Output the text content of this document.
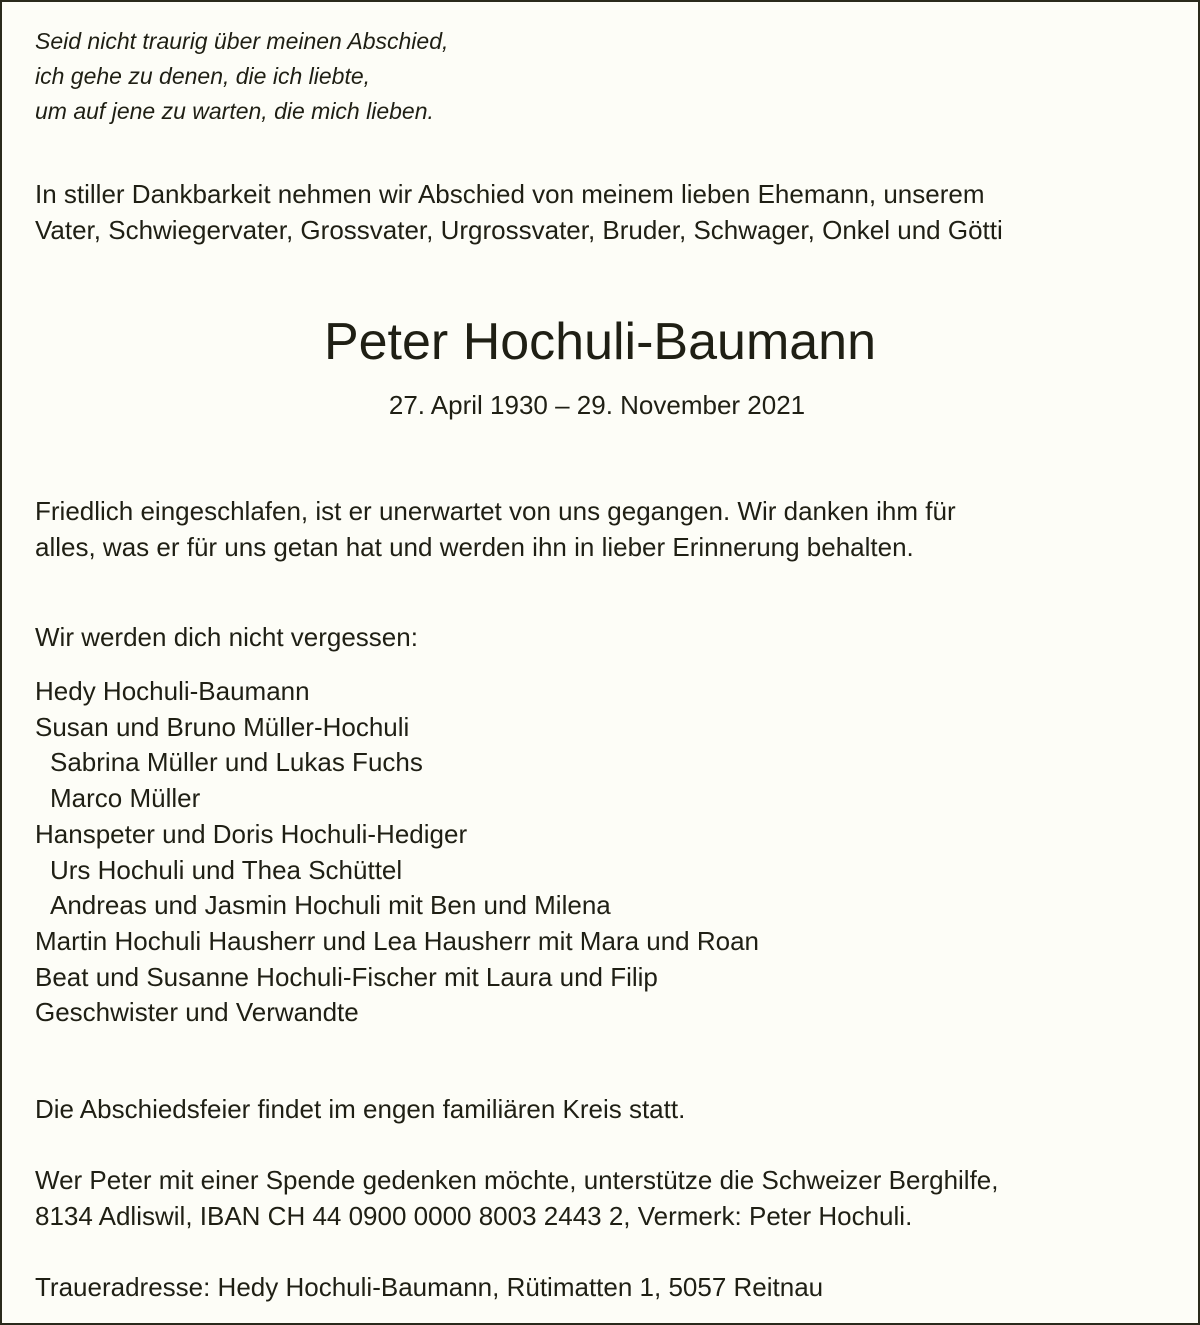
Seid nicht traurig über meinen Abschied,
ich gehe zu denen, die ich liebte,
um auf jene zu warten, die mich lieben.
In stiller Dankbarkeit nehmen wir Abschied von meinem lieben Ehemann, unserem
Vater, Schwiegervater, Grossvater, Urgrossvater, Bruder, Schwager, Onkel und Götti
Peter Hochuli-Baumann
27. April 1930 – 29. November 2021
Friedlich eingeschlafen, ist er unerwartet von uns gegangen. Wir danken ihm für
alles, was er für uns getan hat und werden ihn in lieber Erinnerung behalten.
Wir werden dich nicht vergessen:
Hedy Hochuli-Baumann
Susan und Bruno Müller-Hochuli
Sabrina Müller und Lukas Fuchs
Marco Müller
Hanspeter und Doris Hochuli-Hediger
Urs Hochuli und Thea Schüttel
Andreas und Jasmin Hochuli mit Ben und Milena
Martin Hochuli Hausherr und Lea Hausherr mit Mara und Roan
Beat und Susanne Hochuli-Fischer mit Laura und Filip
Geschwister und Verwandte
Die Abschiedsfeier findet im engen familiären Kreis statt.
Wer Peter mit einer Spende gedenken möchte, unterstütze die Schweizer Berghilfe,
8134 Adliswil, IBAN CH 44 0900 0000 8003 2443 2, Vermerk: Peter Hochuli.
Traueradresse: Hedy Hochuli-Baumann, Rütimatten 1, 5057 Reitnau
